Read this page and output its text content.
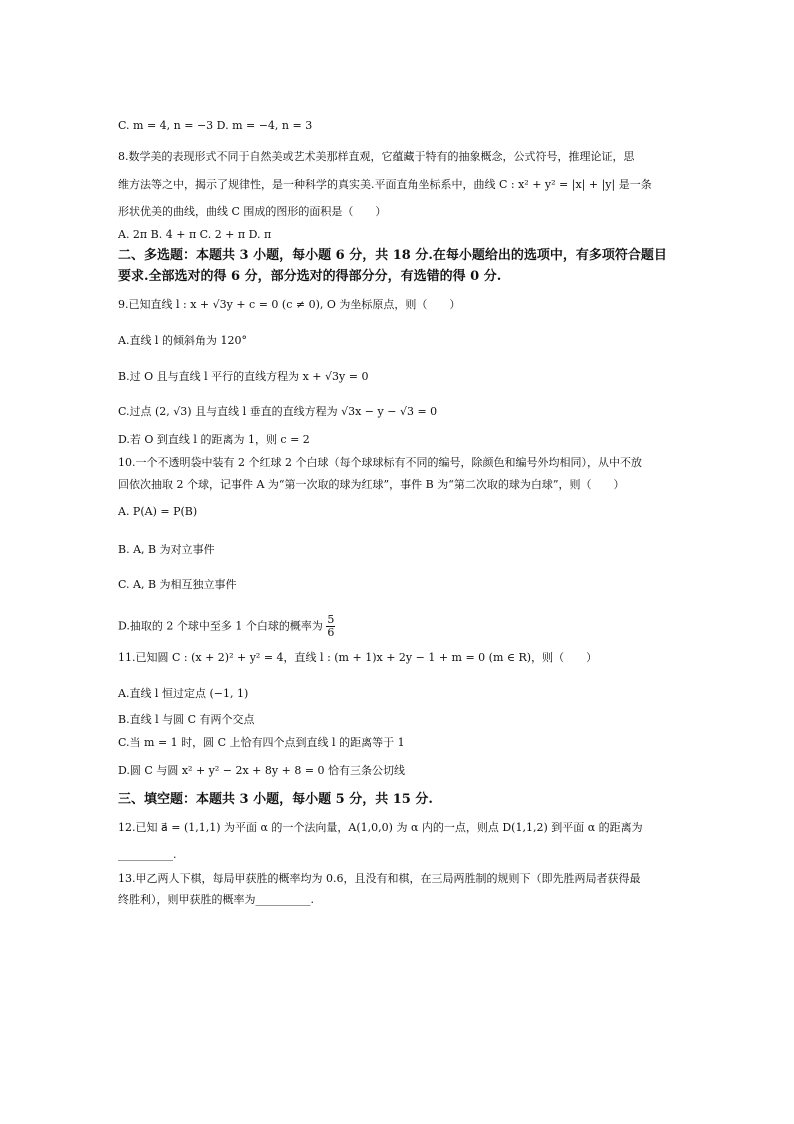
C. m = 4, n = −3 D. m = −4, n = 3
8.数学美的表现形式不同于自然美或艺术美那样直观，它蕴藏于特有的抽象概念，公式符号，推理论证，思
维方法等之中，揭示了规律性，是一种科学的真实美.平面直角坐标系中，曲线 C : x² + y² = |x| + |y| 是一条
形状优美的曲线，曲线 C 围成的图形的面积是（　　）
A. 2π B. 4 + π C. 2 + π D. π
二、多选题：本题共 3 小题，每小题 6 分，共 18 分.在每小题给出的选项中，有多项符合题目
要求.全部选对的得 6 分，部分选对的得部分分，有选错的得 0 分.
9.已知直线 l : x + √3y + c = 0 (c ≠ 0), O 为坐标原点，则（　　）
A.直线 l 的倾斜角为 120°
B.过 O 且与直线 l 平行的直线方程为 x + √3y = 0
C.过点 (2, √3) 且与直线 l 垂直的直线方程为 √3x − y − √3 = 0
D.若 O 到直线 l 的距离为 1，则 c = 2
10.一个不透明袋中装有 2 个红球 2 个白球（每个球球标有不同的编号，除颜色和编号外均相同），从中不放
回依次抽取 2 个球，记事件 A 为“第一次取的球为红球”，事件 B 为“第二次取的球为白球”，则（　　）
A. P(A) = P(B)
B. A, B 为对立事件
C. A, B 为相互独立事件
D.抽取的 2 个球中至多 1 个白球的概率为 $\frac{5}{6}$
11.已知圆 C : (x + 2)² + y² = 4，直线 l : (m + 1)x + 2y − 1 + m = 0 (m ∈ R)，则（　　）
A.直线 l 恒过定点 (−1, 1)
B.直线 l 与圆 C 有两个交点
C.当 m = 1 时，圆 C 上恰有四个点到直线 l 的距离等于 1
D.圆 C 与圆 x² + y² − 2x + 8y + 8 = 0 恰有三条公切线
三、填空题：本题共 3 小题，每小题 5 分，共 15 分.
12.已知 a⃗ = (1,1,1) 为平面 α 的一个法向量，A(1,0,0) 为 α 内的一点，则点 D(1,1,2) 到平面 α 的距离为
__________.
13.甲乙两人下棋，每局甲获胜的概率均为 0.6，且没有和棋，在三局两胜制的规则下（即先胜两局者获得最
终胜利），则甲获胜的概率为__________.
